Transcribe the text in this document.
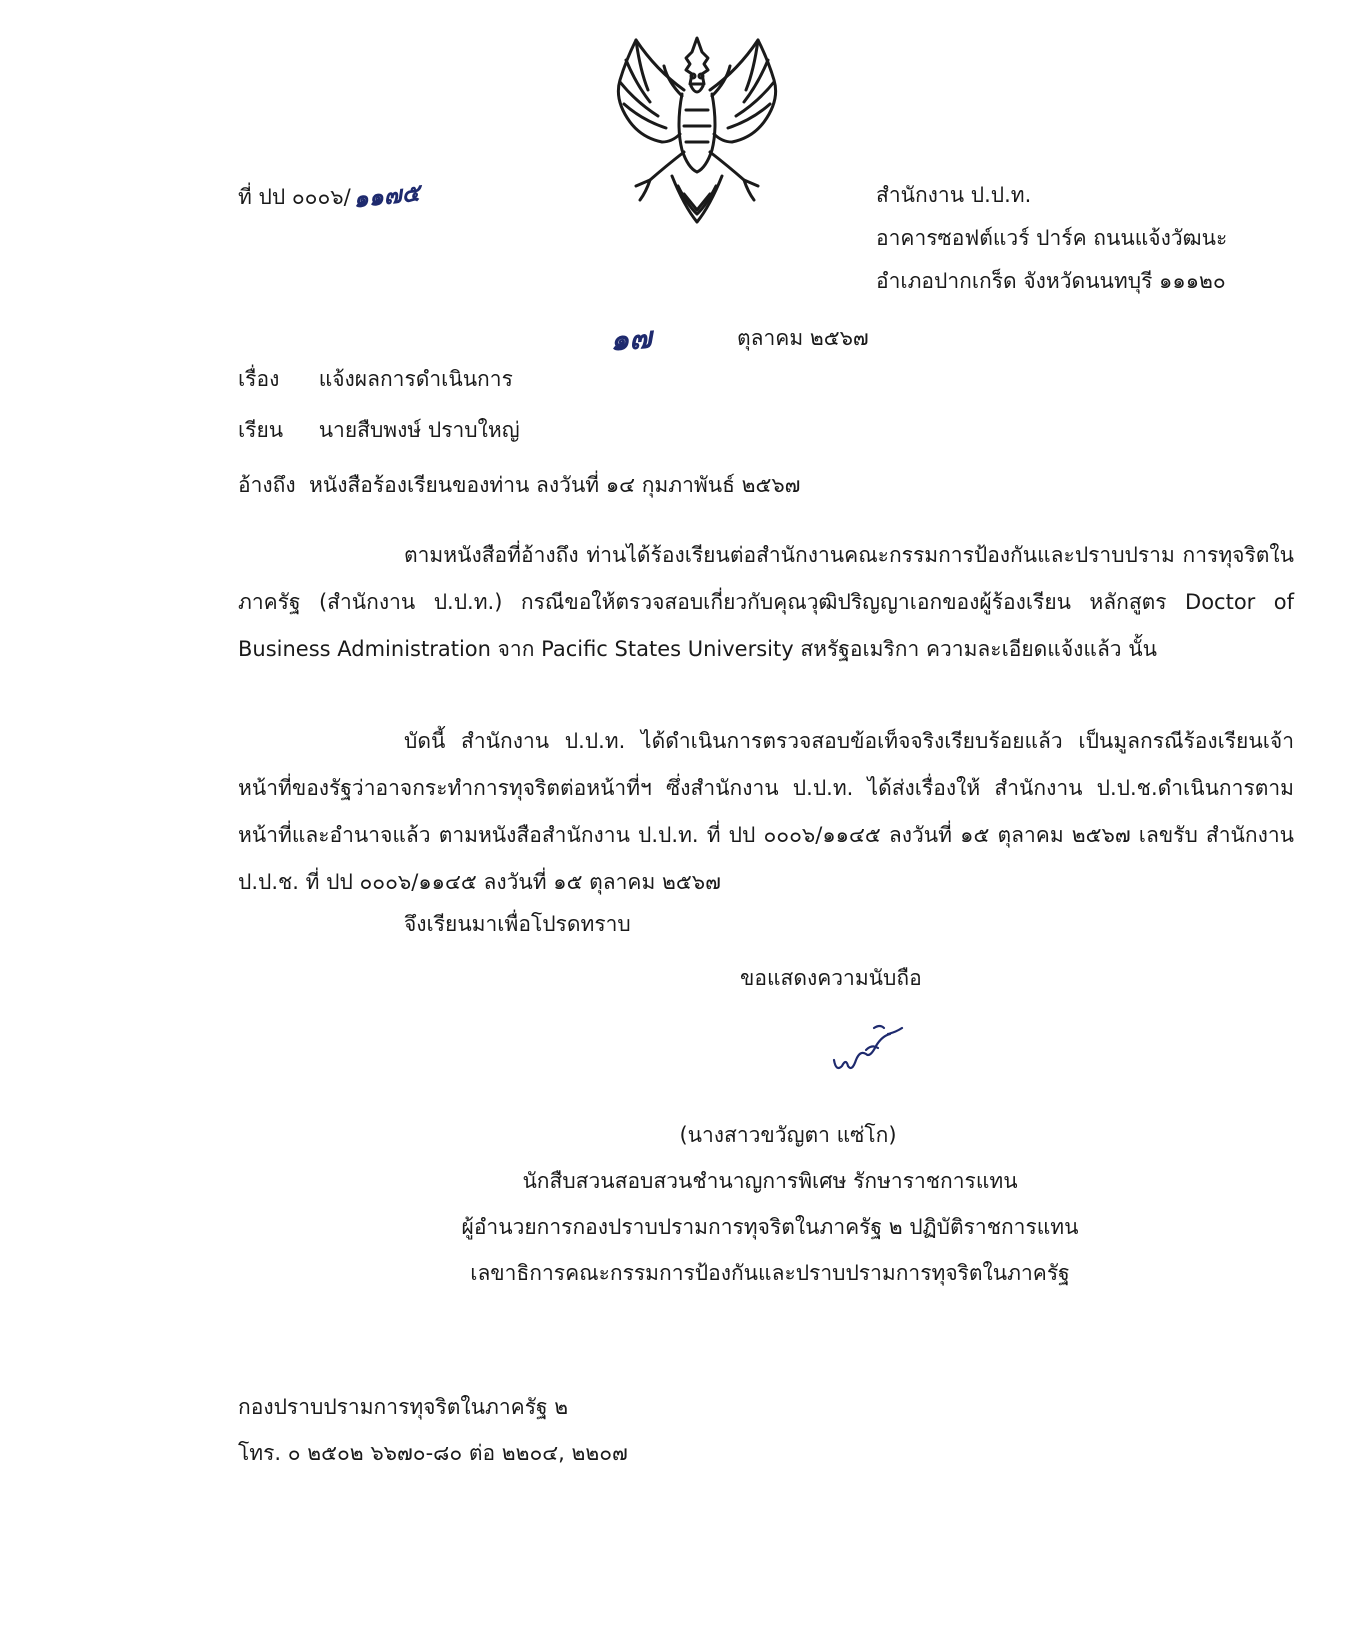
ที่ ปป ๐๐๐๖/๑๑๗๕	สำนักงาน ป.ป.ท.
อาคารซอฟต์แวร์ ปาร์ค ถนนแจ้งวัฒนะ
อำเภอปากเกร็ด จังหวัดนนทบุรี ๑๑๑๒๐
๑๗	ตุลาคม ๒๕๖๗
เรื่อง แจ้งผลการดำเนินการ
เรียน นายสืบพงษ์ ปราบใหญ่
อ้างถึง หนังสือร้องเรียนของท่าน ลงวันที่ ๑๔ กุมภาพันธ์ ๒๕๖๗
ตามหนังสือที่อ้างถึง ท่านได้ร้องเรียนต่อสำนักงานคณะกรรมการป้องกันและปราบปราม การทุจริตในภาครัฐ (สำนักงาน ป.ป.ท.) กรณีขอให้ตรวจสอบเกี่ยวกับคุณวุฒิปริญญาเอกของผู้ร้องเรียน หลักสูตร Doctor of Business Administration จาก Pacific States University สหรัฐอเมริกา ความละเอียดแจ้งแล้ว นั้น
บัดนี้ สำนักงาน ป.ป.ท. ได้ดำเนินการตรวจสอบข้อเท็จจริงเรียบร้อยแล้ว เป็นมูลกรณีร้องเรียนเจ้าหน้าที่ของรัฐว่าอาจกระทำการทุจริตต่อหน้าที่ฯ ซึ่งสำนักงาน ป.ป.ท. ได้ส่งเรื่องให้ สำนักงาน ป.ป.ช.ดำเนินการตามหน้าที่และอำนาจแล้ว ตามหนังสือสำนักงาน ป.ป.ท. ที่ ปป ๐๐๐๖/๑๑๔๕ ลงวันที่ ๑๕ ตุลาคม ๒๕๖๗ เลขรับ สำนักงาน ป.ป.ช. ที่ ปป ๐๐๐๖/๑๑๔๕ ลงวันที่ ๑๕ ตุลาคม ๒๕๖๗
จึงเรียนมาเพื่อโปรดทราบ
ขอแสดงความนับถือ
(นางสาวขวัญตา แซ่โก)
นักสืบสวนสอบสวนชำนาญการพิเศษ รักษาราชการแทน
ผู้อำนวยการกองปราบปรามการทุจริตในภาครัฐ ๒ ปฏิบัติราชการแทน
เลขาธิการคณะกรรมการป้องกันและปราบปรามการทุจริตในภาครัฐ
กองปราบปรามการทุจริตในภาครัฐ ๒
โทร. ๐ ๒๕๐๒ ๖๖๗๐-๘๐ ต่อ ๒๒๐๔, ๒๒๐๗
